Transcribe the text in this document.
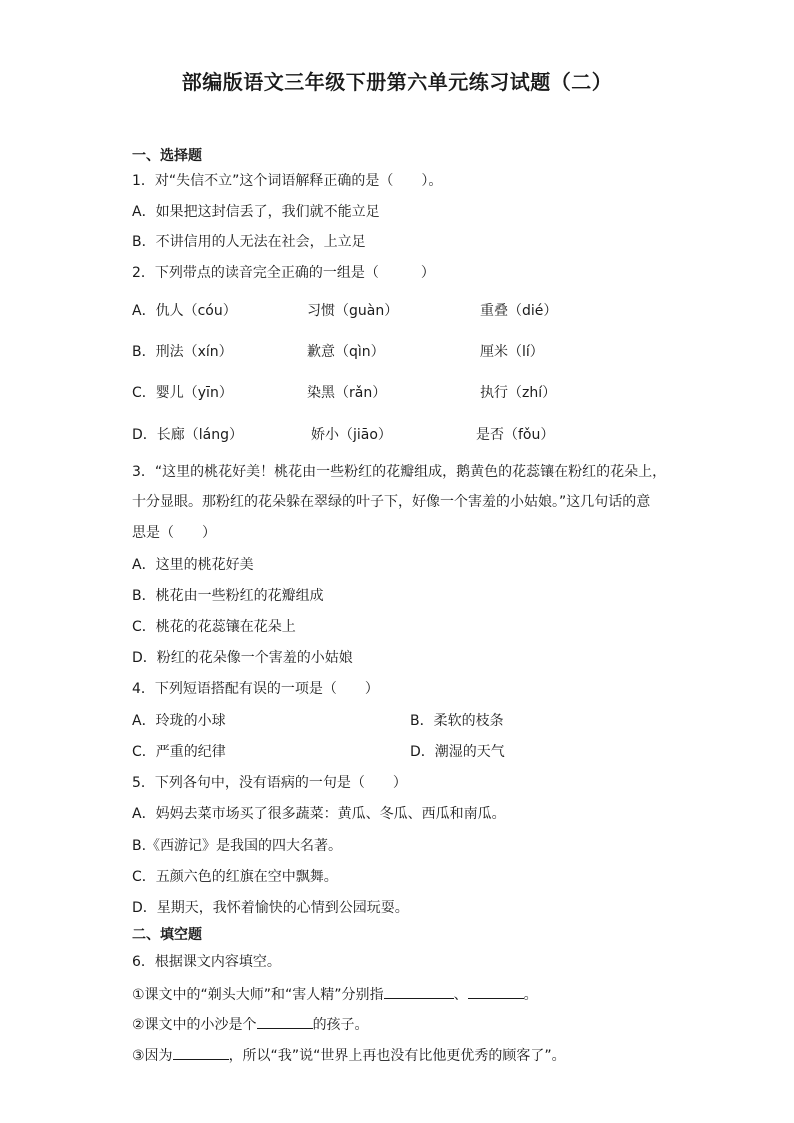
部编版语文三年级下册第六单元练习试题（二）
一、选择题
1．对“失信不立”这个词语解释正确的是（　　）。
A．如果把这封信丢了，我们就不能立足
B．不讲信用的人无法在社会，上立足
2．下列带点的读音完全正确的一组是（　　　）
A．仇人（cóu）	习惯（guàn）	重叠（dié）
B．刑法（xín）	歉意（qìn）	厘米（lí）
C．婴儿（yīn）	染黑（rǎn）	执行（zhí）
D．长廊（láng）	娇小（jiāo）	是否（fǒu）
3．“这里的桃花好美！桃花由一些粉红的花瓣组成，鹅黄色的花蕊镶在粉红的花朵上，
十分显眼。那粉红的花朵躲在翠绿的叶子下，好像一个害羞的小姑娘。”这几句话的意
思是（　　）
A．这里的桃花好美
B．桃花由一些粉红的花瓣组成
C．桃花的花蕊镶在花朵上
D．粉红的花朵像一个害羞的小姑娘
4．下列短语搭配有误的一项是（　　）
A．玲珑的小球	B．柔软的枝条
C．严重的纪律	D．潮湿的天气
5．下列各句中，没有语病的一句是（　　）
A．妈妈去菜市场买了很多蔬菜：黄瓜、冬瓜、西瓜和南瓜。
B.《西游记》是我国的四大名著。
C．五颜六色的红旗在空中飘舞。
D．星期天，我怀着愉快的心情到公园玩耍。
二、填空题
6．根据课文内容填空。
①课文中的“剃头大师”和“害人精”分别指	、	。
②课文中的小沙是个	的孩子。
③因为	，所以“我”说“世界上再也没有比他更优秀的顾客了”。
